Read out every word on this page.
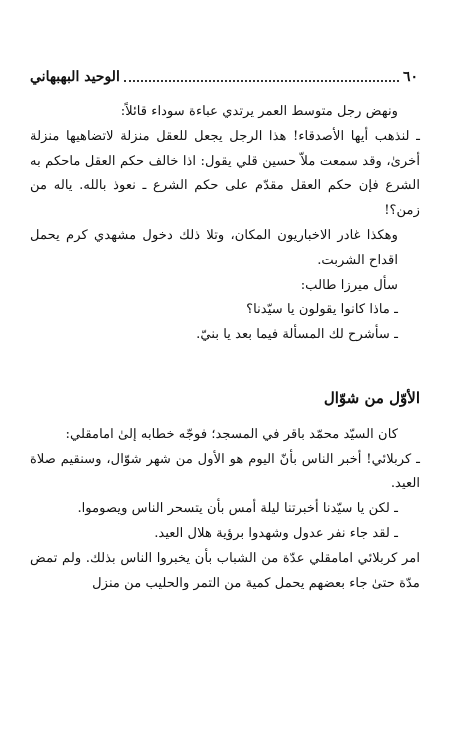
٦٠
الوحيد البهبهاني

ونهض رجل متوسط العمر يرتدي عباءة سوداء قائلاً:

ـ لنذهب أيها الأصدقاء! هذا الرجل يجعل للعقل منزلة لاتضاهيها منزلة أخرىٰ، وقد سمعت ملاّ حسين قلي يقول: اذا خالف حكم العقل ماحكم به الشرع فإن حكم العقل مقدّم على حكم الشرع ـ نعوذ بالله. ياله من زمن؟!

وهكذا غادر الاخباريون المكان، وتلا ذلك دخول مشهدي كرم يحمل اقداح الشربت.

سأل ميرزا طالب:

ـ ماذا كانوا يقولون يا سيّدنا؟

ـ سأشرح لك المسألة فيما بعد يا بنيّ.

الأوّل من شوّال

كان السيّد محمّد باقر في المسجد؛ فوجّه خطابه إلىٰ امامقلي:

ـ كربلائي! أخبر الناس بأنّ اليوم هو الأول من شهر شوّال، وسنقيم صلاة العيد.

ـ لكن يا سيّدنا أخبرتنا ليلة أمس بأن يتسحر الناس ويصوموا.

ـ لقد جاء نفر عدول وشهدوا برؤية هلال العيد.

امر كربلائي امامقلي عدّة من الشباب بأن يخبروا الناس بذلك. ولم تمض مدّة حتىٰ جاء بعضهم يحمل كمية من التمر والحليب من منزل
